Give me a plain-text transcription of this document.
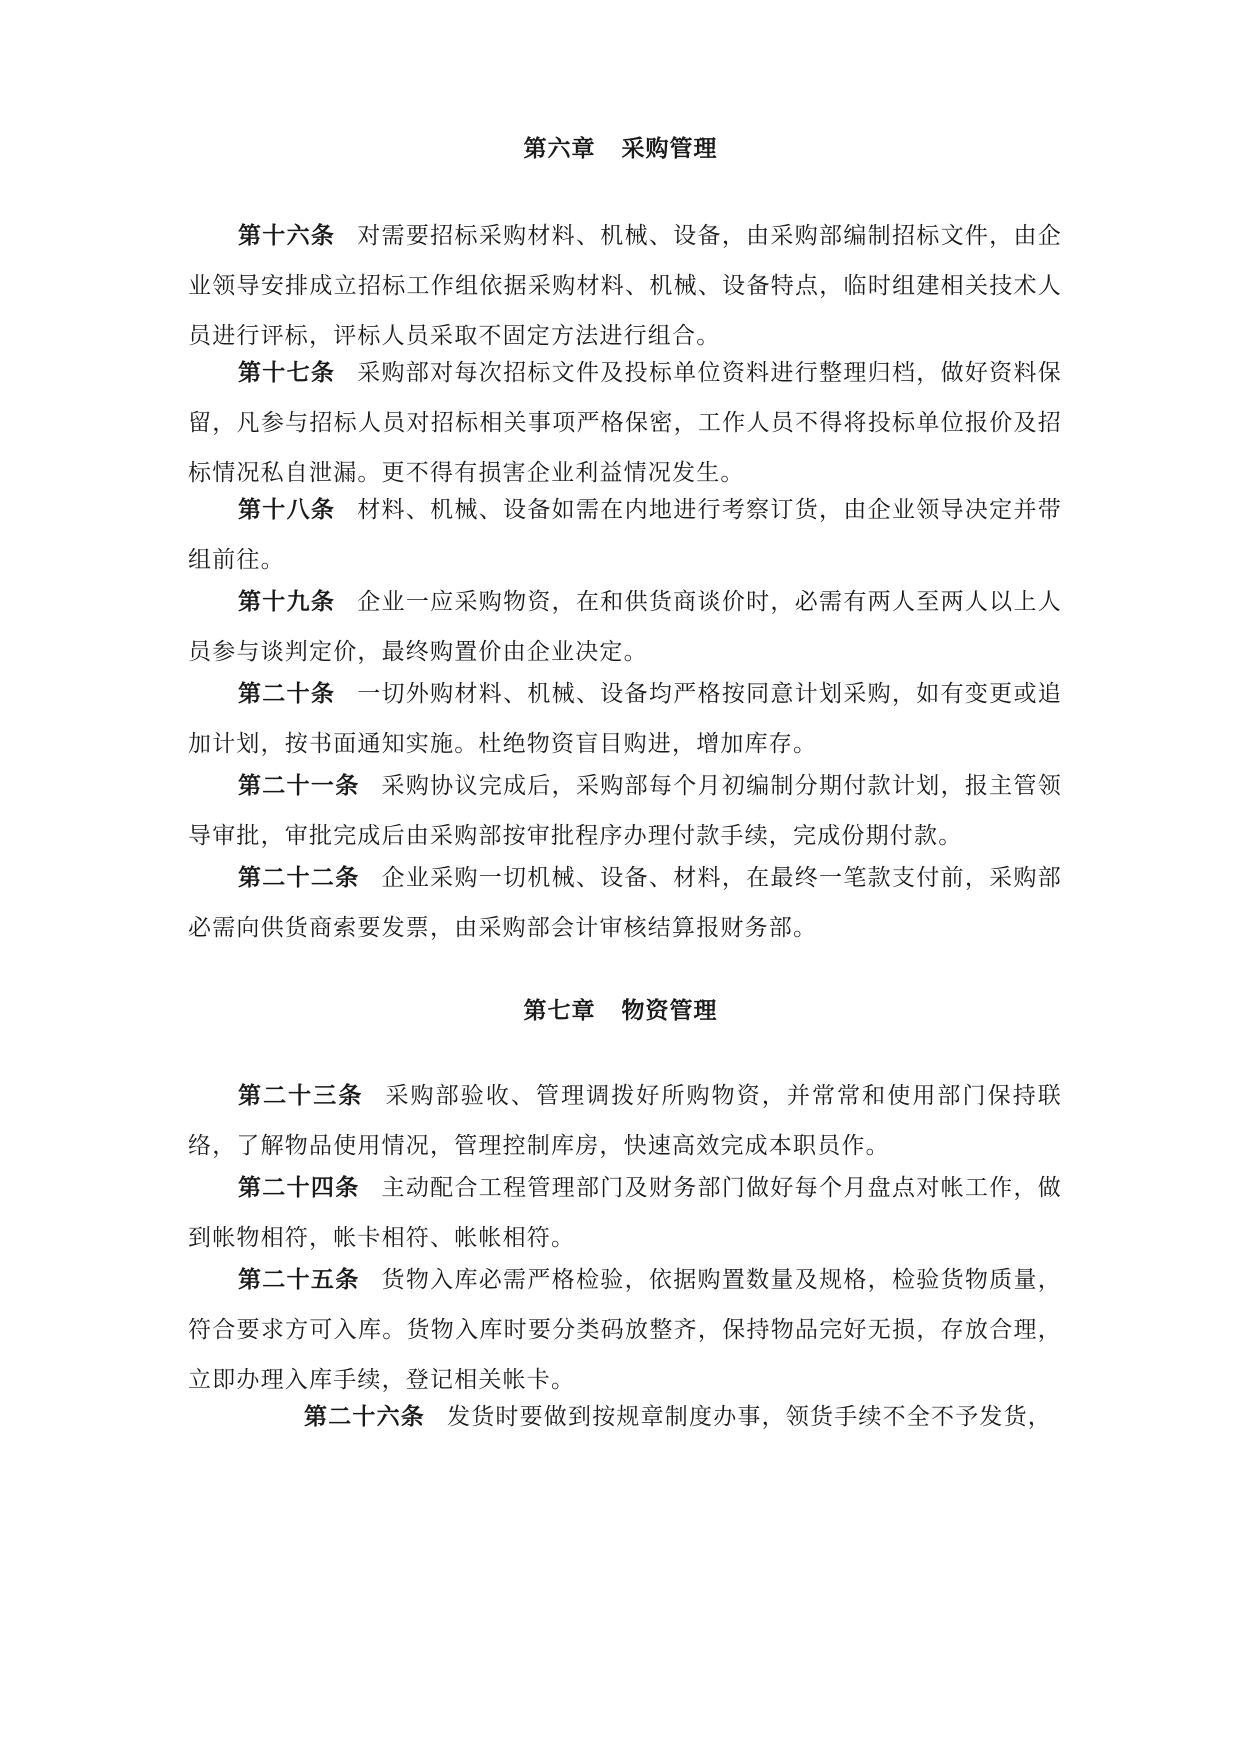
第六章 采购管理

第十六条 对需要招标采购材料、机械、设备，由采购部编制招标文件，由企业领导安排成立招标工作组依据采购材料、机械、设备特点，临时组建相关技术人员进行评标，评标人员采取不固定方法进行组合。

第十七条 采购部对每次招标文件及投标单位资料进行整理归档，做好资料保留，凡参与招标人员对招标相关事项严格保密，工作人员不得将投标单位报价及招标情况私自泄漏。更不得有损害企业利益情况发生。

第十八条 材料、机械、设备如需在内地进行考察订货，由企业领导决定并带组前往。

第十九条 企业一应采购物资，在和供货商谈价时，必需有两人至两人以上人员参与谈判定价，最终购置价由企业决定。

第二十条 一切外购材料、机械、设备均严格按同意计划采购，如有变更或追加计划，按书面通知实施。杜绝物资盲目购进，增加库存。

第二十一条 采购协议完成后，采购部每个月初编制分期付款计划，报主管领导审批，审批完成后由采购部按审批程序办理付款手续，完成份期付款。

第二十二条 企业采购一切机械、设备、材料，在最终一笔款支付前，采购部必需向供货商索要发票，由采购部会计审核结算报财务部。

第七章 物资管理

第二十三条 采购部验收、管理调拨好所购物资，并常常和使用部门保持联络，了解物品使用情况，管理控制库房，快速高效完成本职员作。

第二十四条 主动配合工程管理部门及财务部门做好每个月盘点对帐工作，做到帐物相符，帐卡相符、帐帐相符。

第二十五条 货物入库必需严格检验，依据购置数量及规格，检验货物质量，符合要求方可入库。货物入库时要分类码放整齐，保持物品完好无损，存放合理，立即办理入库手续，登记相关帐卡。

第二十六条 发货时要做到按规章制度办事，领货手续不全不予发货，
